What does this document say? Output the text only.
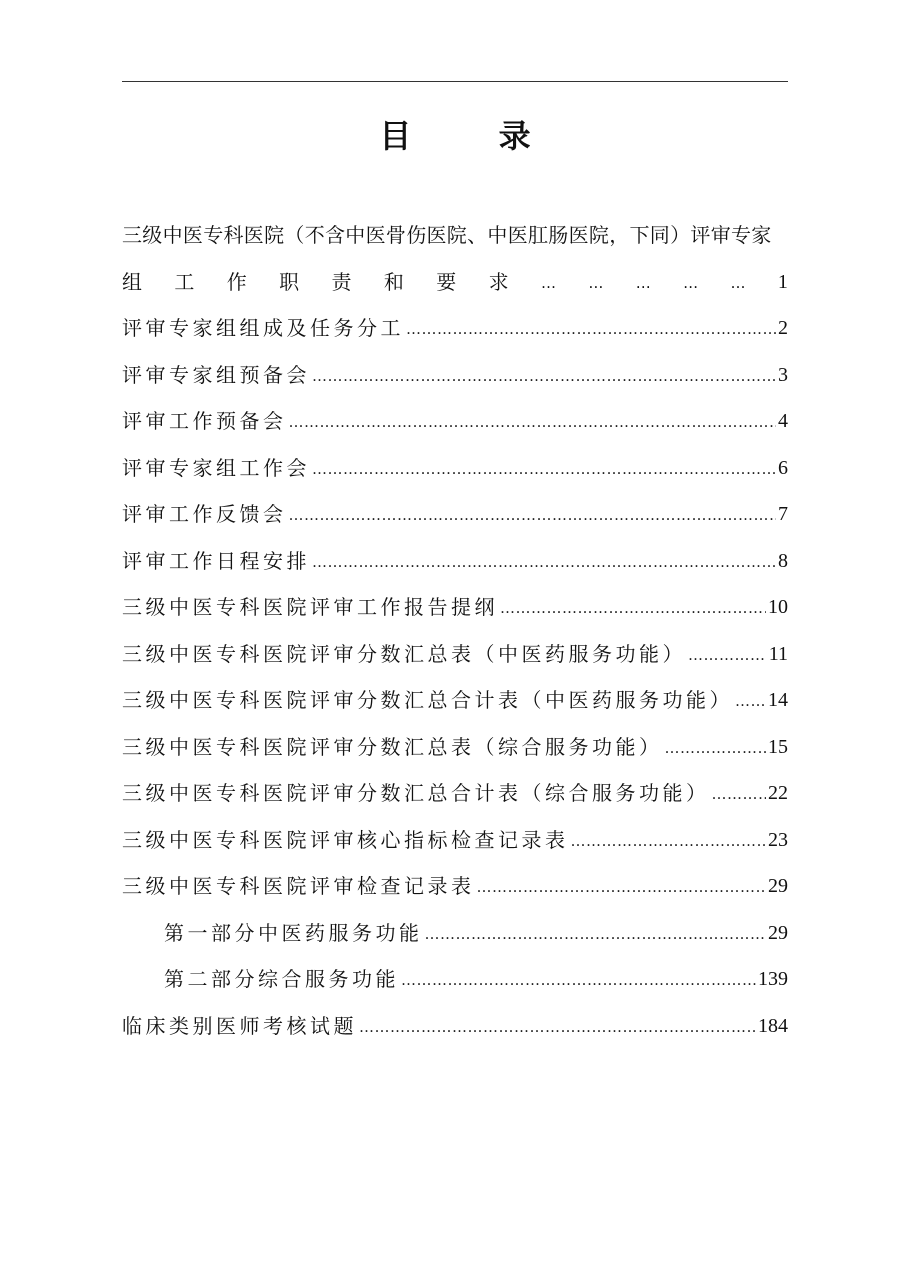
目 录
三级中医专科医院（不含中医骨伤医院、中医肛肠医院，下同）评审专家
组 工 作 职 责 和 要 求 … … … … … 1
评审专家组组成及任务分工 ………………………………………………………………………………………………………………………………………………	2
评审专家组预备会 ………………………………………………………………………………………………………………………………………………	3
评审工作预备会 ………………………………………………………………………………………………………………………………………………	4
评审专家组工作会 ………………………………………………………………………………………………………………………………………………	6
评审工作反馈会 ………………………………………………………………………………………………………………………………………………	7
评审工作日程安排 ………………………………………………………………………………………………………………………………………………	8
三级中医专科医院评审工作报告提纲 ………………………………………………………………………………………………………………………………………………	10
三级中医专科医院评审分数汇总表（中医药服务功能） ………………………………………………………………………………………………………………………………………………	11
三级中医专科医院评审分数汇总合计表（中医药服务功能） ……………………………………………………………………………………………………………………………………………… 14
三级中医专科医院评审分数汇总表（综合服务功能） ………………………………………………………………………………………………………………………………………………	15
三级中医专科医院评审分数汇总合计表（综合服务功能） ………………………………………………………………………………………………………………………………………………	22
三级中医专科医院评审核心指标检查记录表 ………………………………………………………………………………………………………………………………………………	23
三级中医专科医院评审检查记录表 ………………………………………………………………………………………………………………………………………………	29
第一部分中医药服务功能 ………………………………………………………………………………………………………………………………………………	29
第二部分综合服务功能 ………………………………………………………………………………………………………………………………………………	139
临床类别医师考核试题 ………………………………………………………………………………………………………………………………………………	184
